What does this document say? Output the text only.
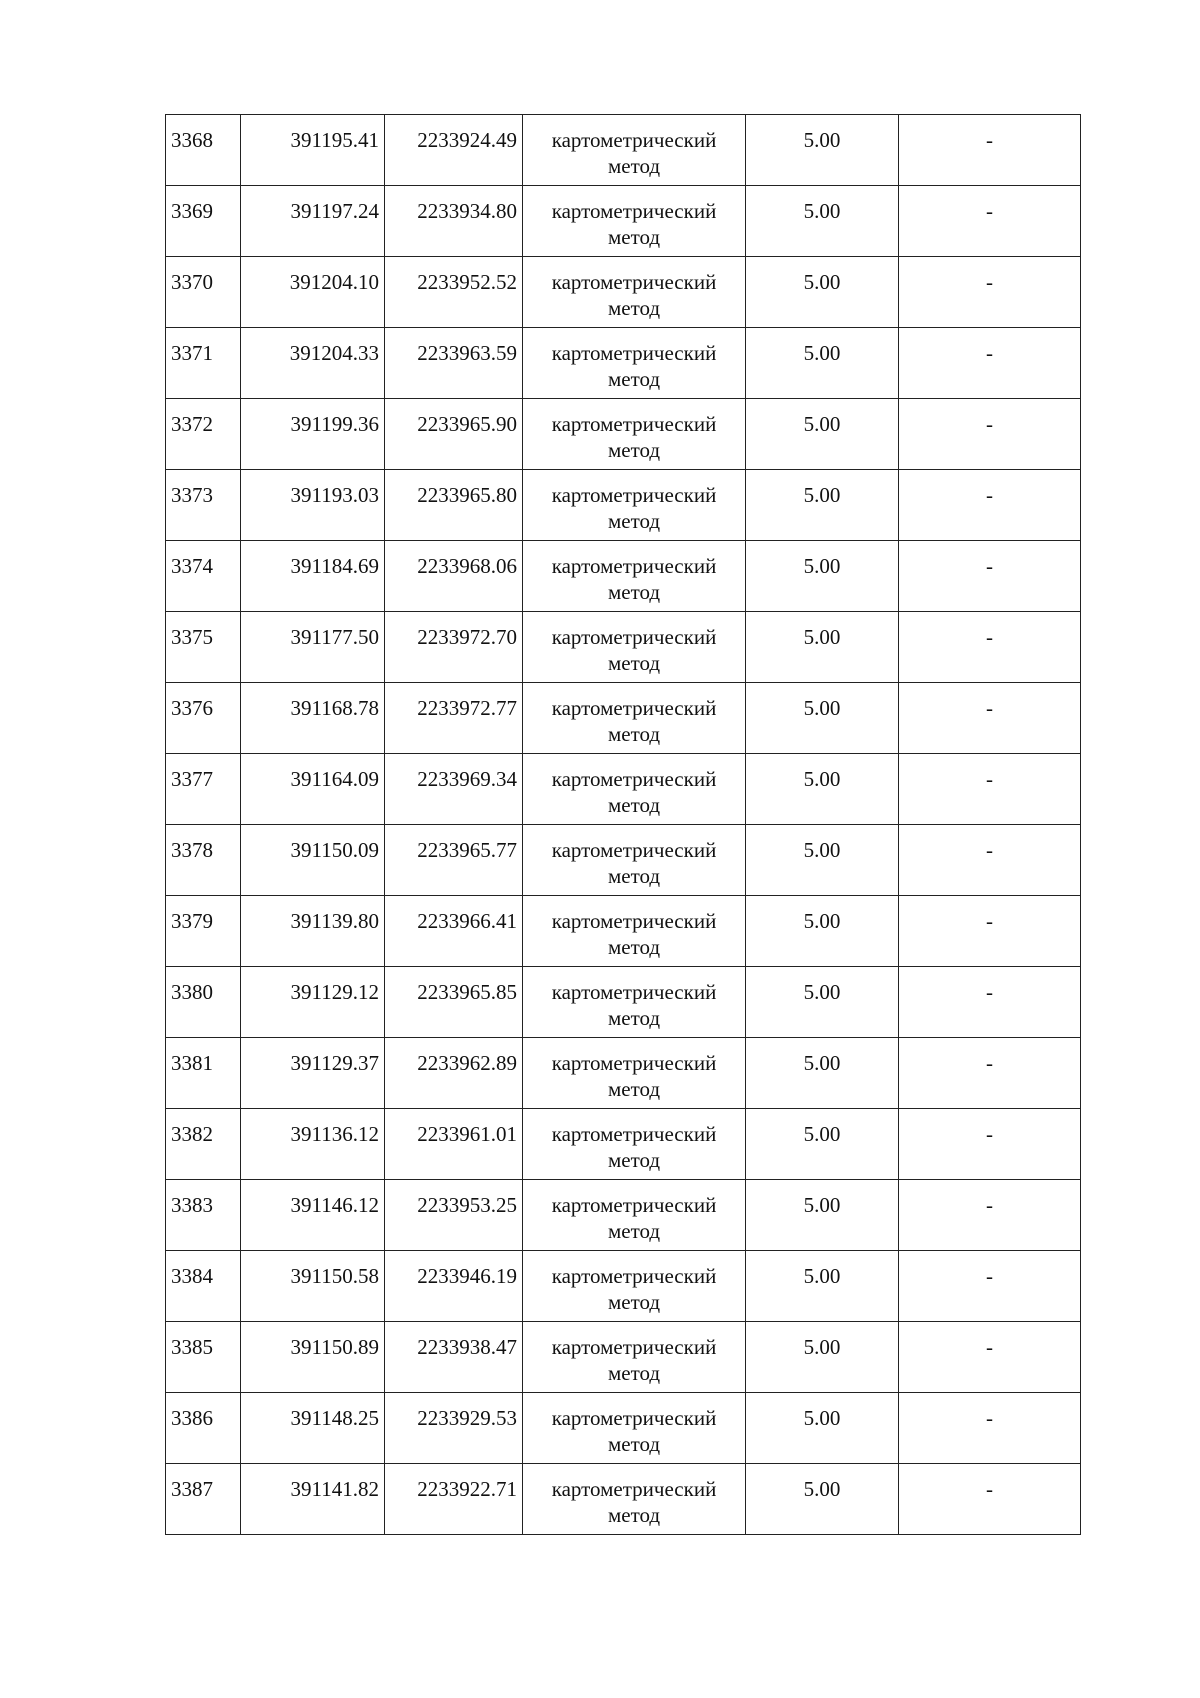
3368	391195.41	2233924.49	картометрический метод	5.00	-
3369	391197.24	2233934.80	картометрический метод	5.00	-
3370	391204.10	2233952.52	картометрический метод	5.00	-
3371	391204.33	2233963.59	картометрический метод	5.00	-
3372	391199.36	2233965.90	картометрический метод	5.00	-
3373	391193.03	2233965.80	картометрический метод	5.00	-
3374	391184.69	2233968.06	картометрический метод	5.00	-
3375	391177.50	2233972.70	картометрический метод	5.00	-
3376	391168.78	2233972.77	картометрический метод	5.00	-
3377	391164.09	2233969.34	картометрический метод	5.00	-
3378	391150.09	2233965.77	картометрический метод	5.00	-
3379	391139.80	2233966.41	картометрический метод	5.00	-
3380	391129.12	2233965.85	картометрический метод	5.00	-
3381	391129.37	2233962.89	картометрический метод	5.00	-
3382	391136.12	2233961.01	картометрический метод	5.00	-
3383	391146.12	2233953.25	картометрический метод	5.00	-
3384	391150.58	2233946.19	картометрический метод	5.00	-
3385	391150.89	2233938.47	картометрический метод	5.00	-
3386	391148.25	2233929.53	картометрический метод	5.00	-
3387	391141.82	2233922.71	картометрический метод	5.00	-
